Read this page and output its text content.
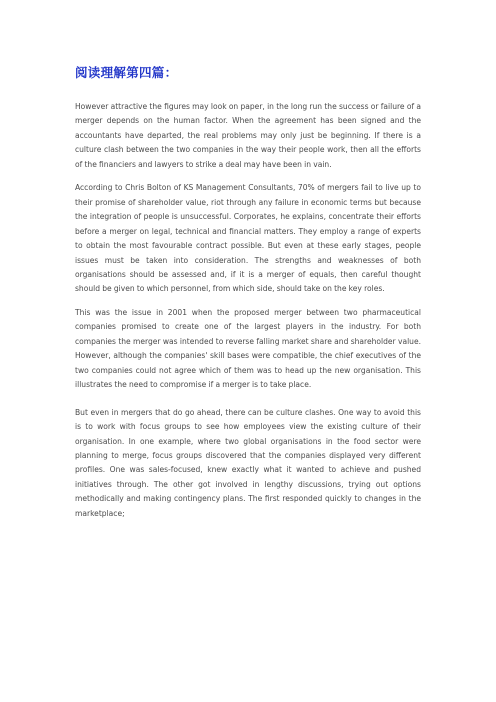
阅读理解第四篇：

However attractive the figures may look on paper, in the long run the success or failure of a merger depends on the human factor. When the agreement has been signed and the accountants have departed, the real problems may only just be beginning. If there is a culture clash between the two companies in the way their people work, then all the efforts of the financiers and lawyers to strike a deal may have been in vain.

According to Chris Bolton of KS Management Consultants, 70% of mergers fail to live up to their promise of shareholder value, riot through any failure in economic terms but because the integration of people is unsuccessful. Corporates, he explains, concentrate their efforts before a merger on legal, technical and financial matters. They employ a range of experts to obtain the most favourable contract possible. But even at these early stages, people issues must be taken into consideration. The strengths and weaknesses of both organisations should be assessed and, if it is a merger of equals, then careful thought should be given to which personnel, from which side, should take on the key roles.

This was the issue in 2001 when the proposed merger between two pharmaceutical companies promised to create one of the largest players in the industry. For both companies the merger was intended to reverse falling market share and shareholder value. However, although the companies' skill bases were compatible, the chief executives of the two companies could not agree which of them was to head up the new organisation. This illustrates the need to compromise if a merger is to take place.

But even in mergers that do go ahead, there can be culture clashes. One way to avoid this is to work with focus groups to see how employees view the existing culture of their organisation. In one example, where two global organisations in the food sector were planning to merge, focus groups discovered that the companies displayed very different profiles. One was sales-focused, knew exactly what it wanted to achieve and pushed initiatives through. The other got involved in lengthy discussions, trying out options methodically and making contingency plans. The first responded quickly to changes in the marketplace;
